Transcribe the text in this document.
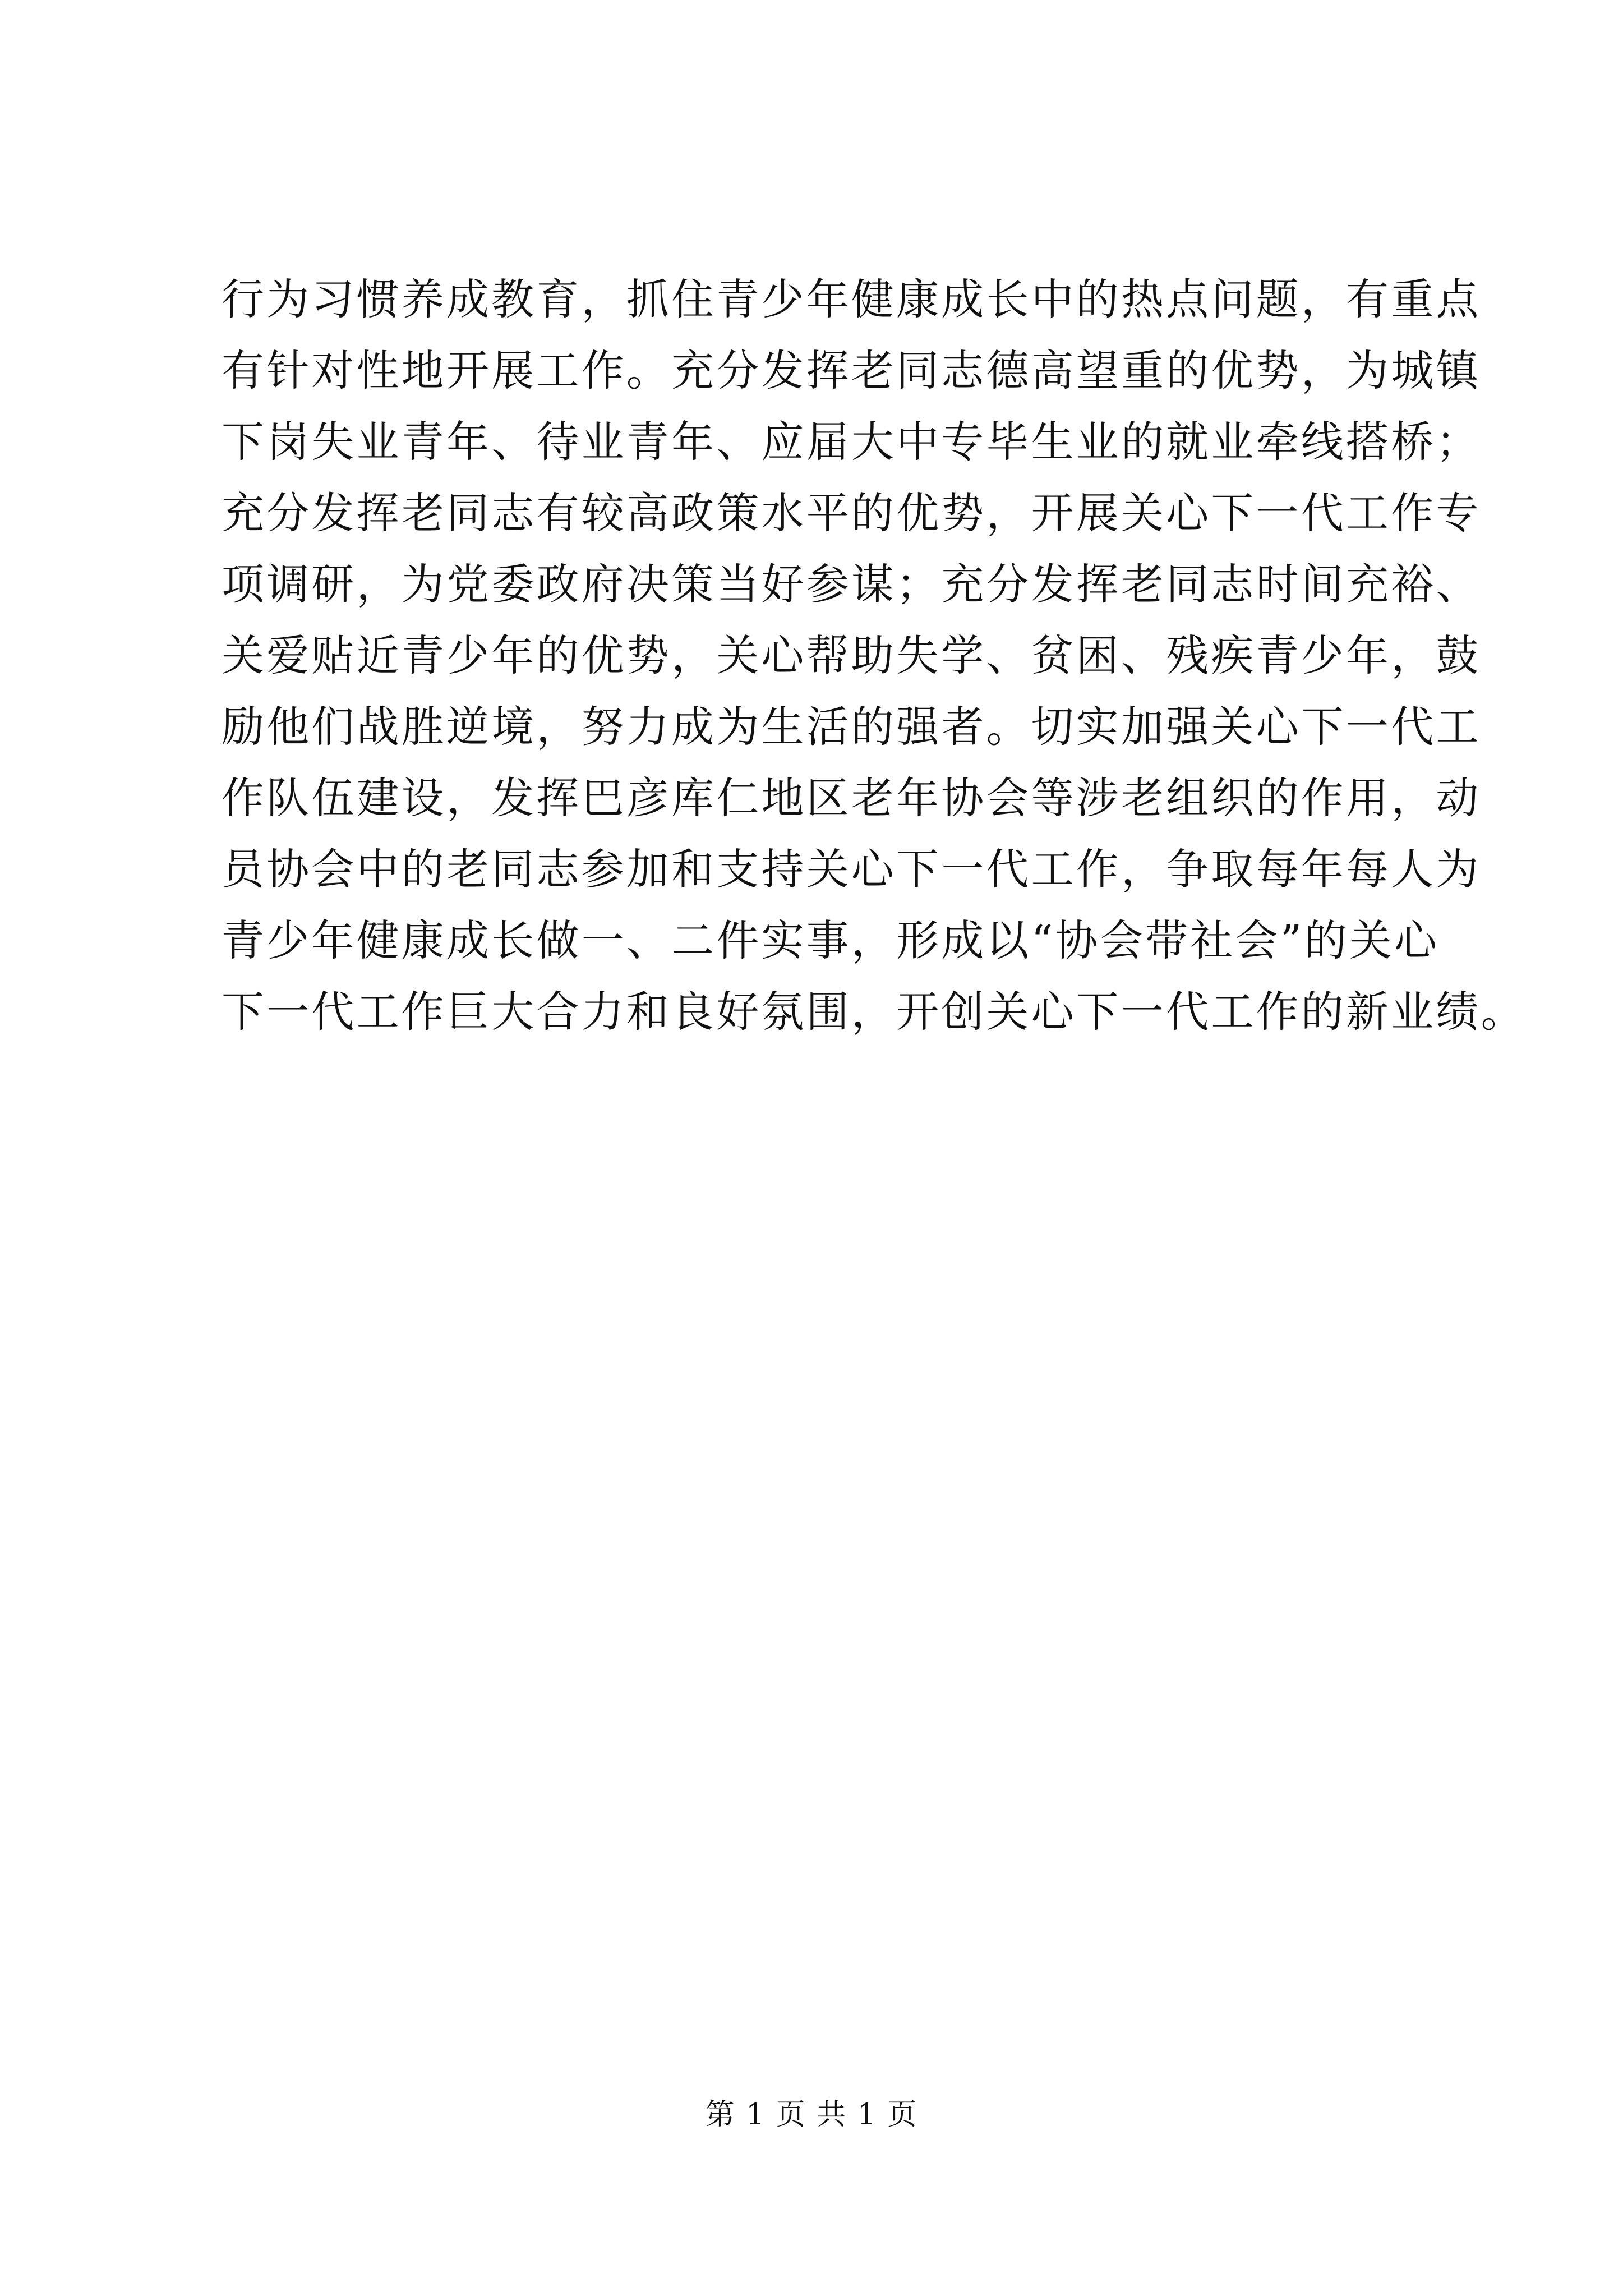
行为习惯养成教育，抓住青少年健康成长中的热点问题，有重点
有针对性地开展工作。充分发挥老同志德高望重的优势，为城镇
下岗失业青年、待业青年、应届大中专毕生业的就业牵线搭桥；
充分发挥老同志有较高政策水平的优势，开展关心下一代工作专
项调研，为党委政府决策当好参谋；充分发挥老同志时间充裕、
关爱贴近青少年的优势，关心帮助失学、贫困、残疾青少年，鼓
励他们战胜逆境，努力成为生活的强者。切实加强关心下一代工
作队伍建设，发挥巴彦库仁地区老年协会等涉老组织的作用，动
员协会中的老同志参加和支持关心下一代工作，争取每年每人为
青少年健康成长做一、二件实事，形成以“协会带社会”的关心
下一代工作巨大合力和良好氛围，开创关心下一代工作的新业绩。
第 1 页 共 1 页
